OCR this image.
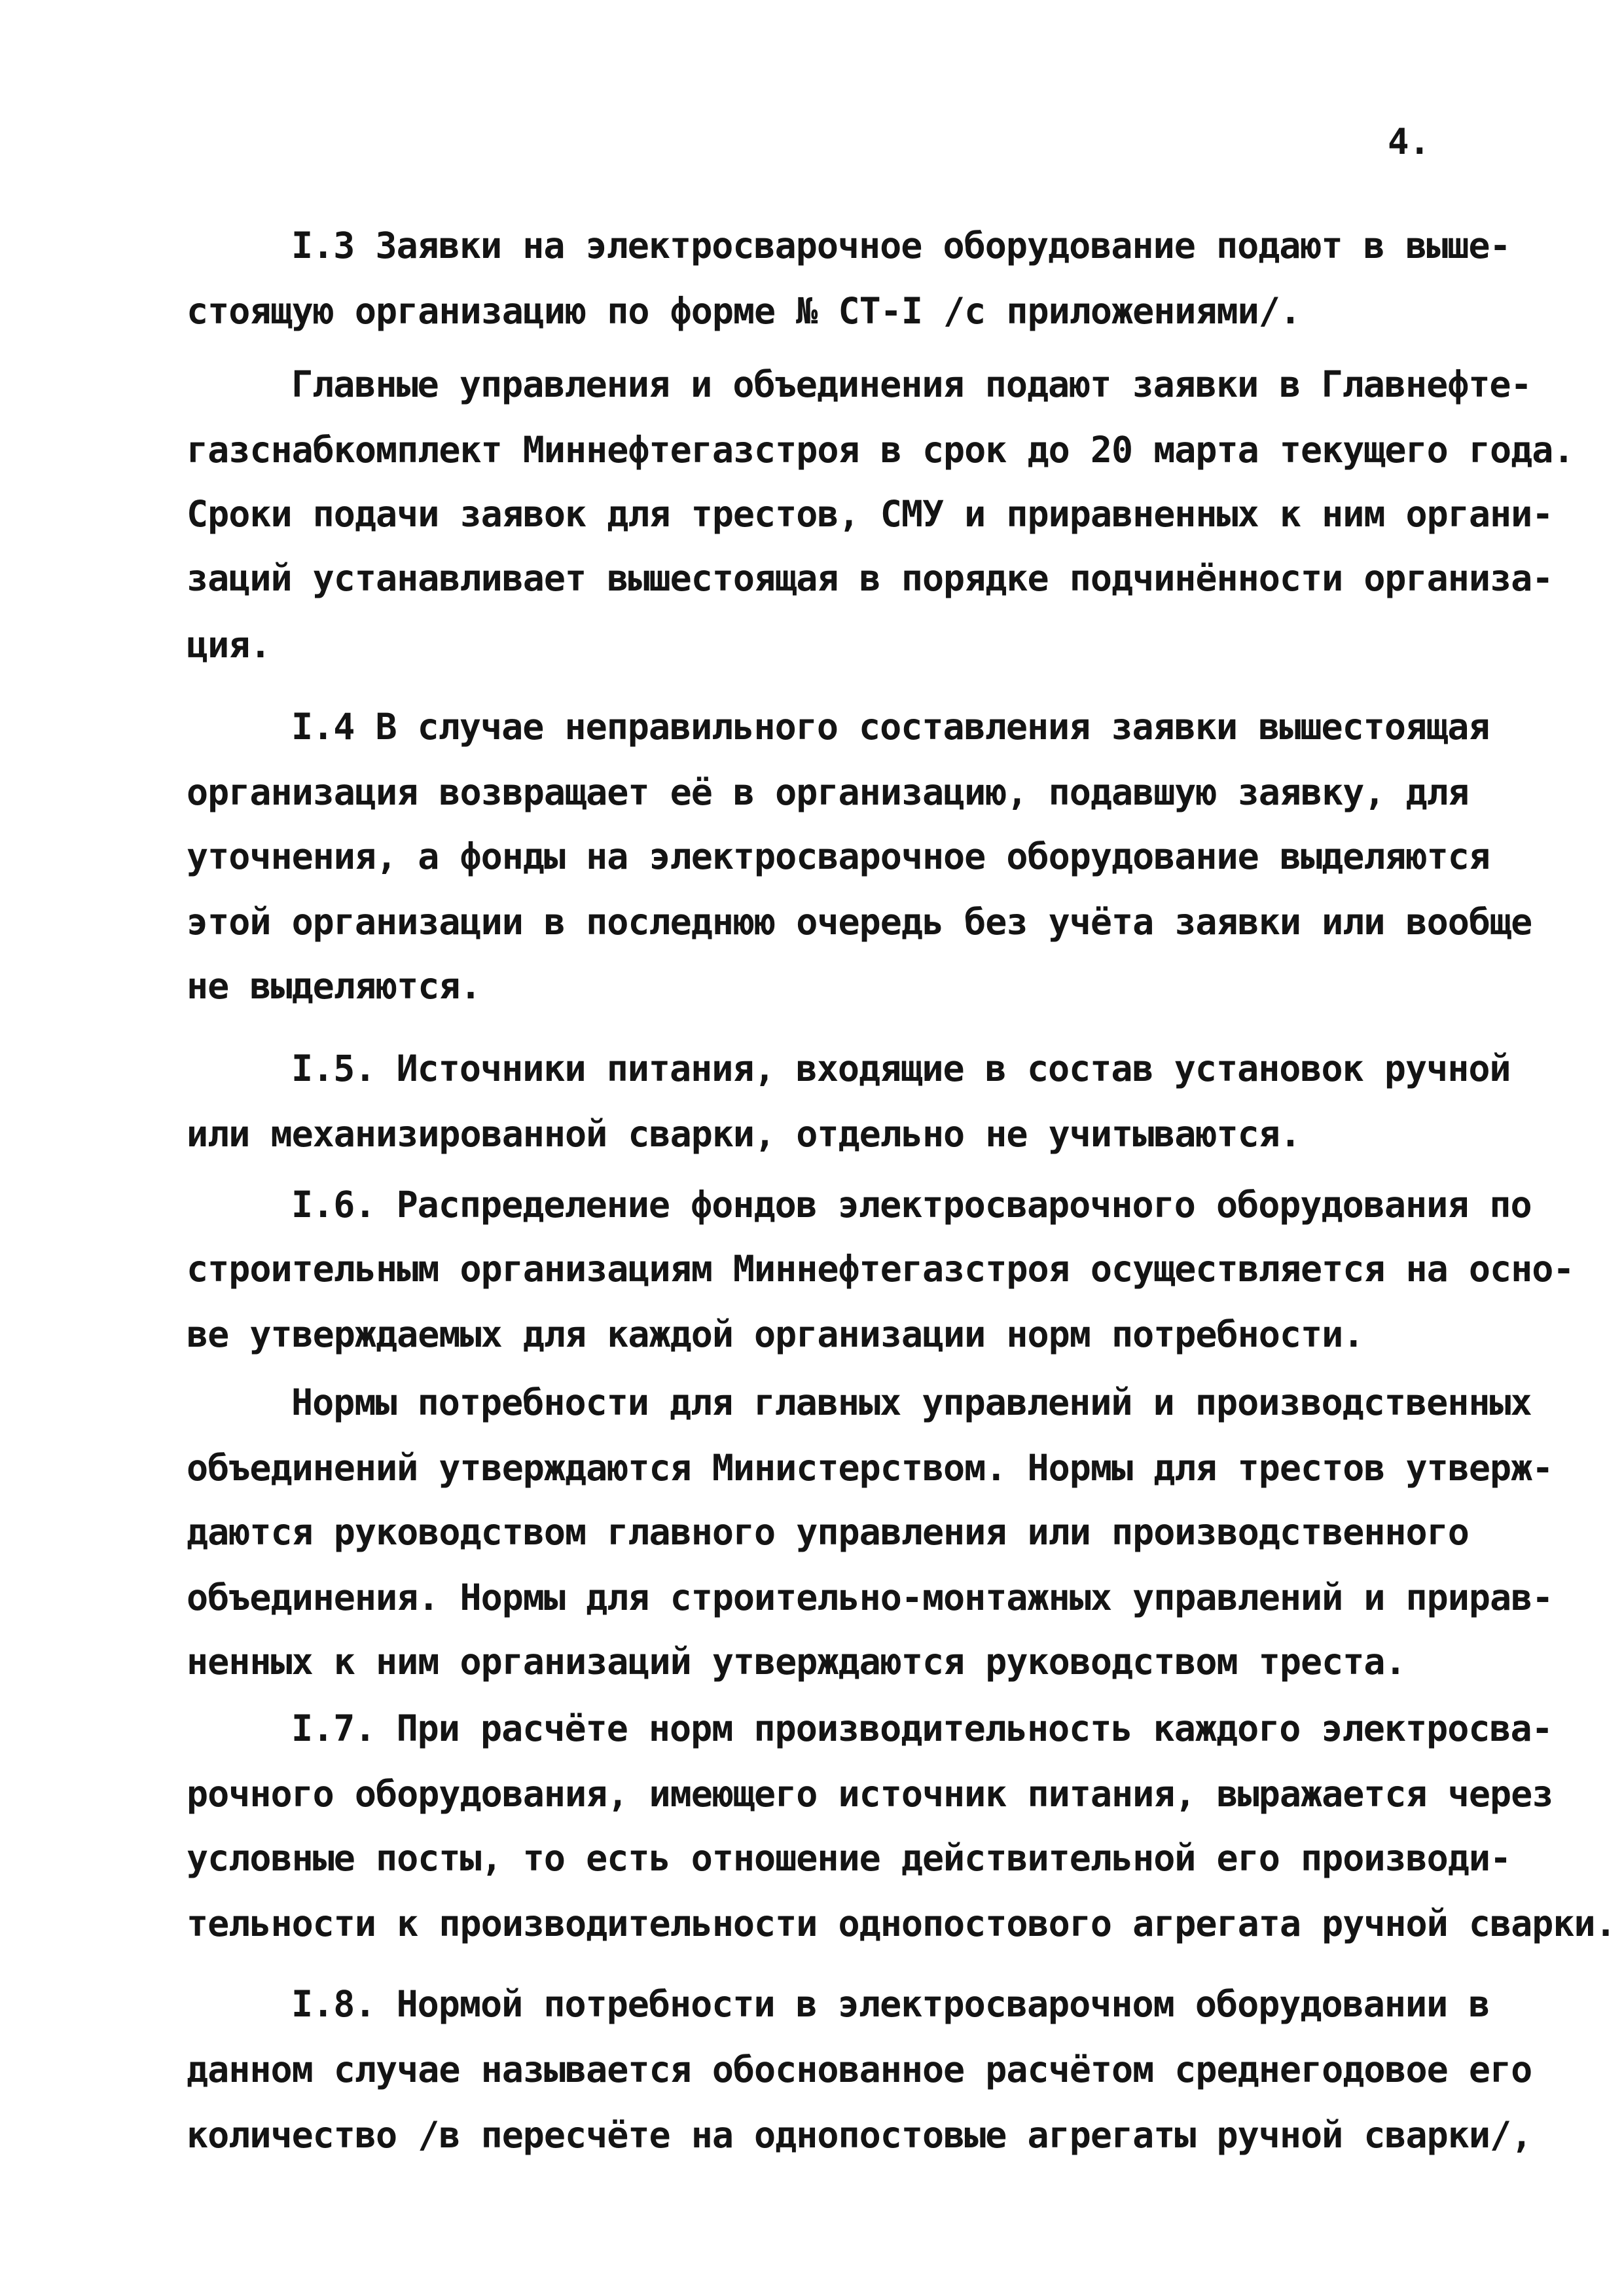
4.
I.3 Заявки на электросварочное оборудование подают в выше-
стоящую организацию по форме № СТ-I /с приложениями/.
Главные управления и объединения подают заявки в Главнефте-
газснабкомплект Миннефтегазстроя в срок до 20 марта текущего года.
Сроки подачи заявок для трестов, СМУ и приравненных к ним органи-
заций устанавливает вышестоящая в порядке подчинённости организа-
ция.
I.4 В случае неправильного составления заявки вышестоящая
организация возвращает её в организацию, подавшую заявку, для
уточнения, а фонды на электросварочное оборудование выделяются
этой организации в последнюю очередь без учёта заявки или вообще
не выделяются.
I.5. Источники питания, входящие в состав установок ручной
или механизированной сварки, отдельно не учитываются.
I.6. Распределение фондов электросварочного оборудования по
строительным организациям Миннефтегазстроя осуществляется на осно-
ве утверждаемых для каждой организации норм потребности.
Нормы потребности для главных управлений и производственных
объединений утверждаются Министерством. Нормы для трестов утверж-
даются руководством главного управления или производственного
объединения. Нормы для строительно-монтажных управлений и прирав-
ненных к ним организаций утверждаются руководством треста.
I.7. При расчёте норм производительность каждого электросва-
рочного оборудования, имеющего источник питания, выражается через
условные посты, то есть отношение действительной его производи-
тельности к производительности однопостового агрегата ручной сварки.
I.8. Нормой потребности в электросварочном оборудовании в
данном случае называется обоснованное расчётом среднегодовое его
количество /в пересчёте на однопостовые агрегаты ручной сварки/,
